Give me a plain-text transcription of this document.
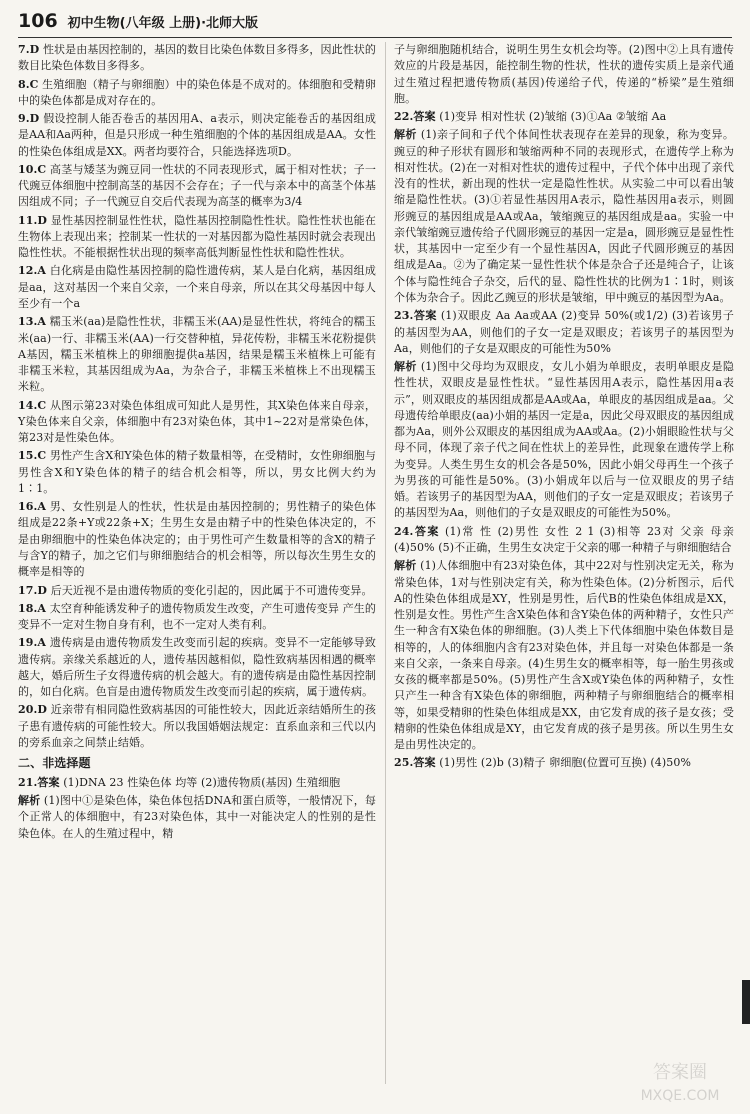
106 初中生物(八年级 上册)·北师大版

7.D 性状是由基因控制的，基因的数目比染色体数目多得多，因此性状的数目比染色体数目多得多。

8.C 生殖细胞（精子与卵细胞）中的染色体是不成对的。体细胞和受精卵中的染色体都是成对存在的。

9.D 假设控制人能否卷舌的基因用A、a表示，则决定能卷舌的基因组成是AA和Aa两种，但是只形成一种生殖细胞的个体的基因组成是AA。女性的性染色体组成是XX。两者均要符合，只能选择选项D。

10.C 高茎与矮茎为豌豆同一性状的不同表现形式，属于相对性状；子一代豌豆体细胞中控制高茎的基因不会存在；子一代与亲本中的高茎个体基因组成不同；子一代豌豆自交后代表现为高茎的概率为3/4

11.D 显性基因控制显性性状，隐性基因控制隐性性状。隐性性状也能在生物体上表现出来；控制某一性状的一对基因都为隐性基因时就会表现出隐性性状。不能根据性状出现的频率高低判断显性性状和隐性性状。

12.A 白化病是由隐性基因控制的隐性遗传病，某人是白化病，基因组成是aa，这对基因一个来自父亲，一个来自母亲，所以在其父母基因中每人至少有一个a

13.A 糯玉米(aa)是隐性性状，非糯玉米(AA)是显性性状，将纯合的糯玉米(aa)一行、非糯玉米(AA)一行交替种植，异花传粉，非糯玉米花粉提供A基因，糯玉米植株上的卵细胞提供a基因，结果是糯玉米植株上可能有非糯玉米粒，其基因组成为Aa，为杂合子，非糯玉米植株上不出现糯玉米粒。

14.C 从图示第23对染色体组成可知此人是男性，其X染色体来自母亲，Y染色体来自父亲，体细胞中有23对染色体，其中1~22对是常染色体，第23对是性染色体。

15.C 男性产生含X和Y染色体的精子数量相等，在受精时，女性卵细胞与男性含X和Y染色体的精子的结合机会相等，所以，男女比例大约为1∶1。

16.A 男、女性别是人的性状，性状是由基因控制的；男性精子的染色体组成是22条+Y或22条+X；生男生女是由精子中的性染色体决定的，不是由卵细胞中的性染色体决定的；由于男性可产生数量相等的含X的精子与含Y的精子，加之它们与卵细胞结合的机会相等，所以每次生男生女的概率是相等的

17.D 后天近视不是由遗传物质的变化引起的，因此属于不可遗传变异。

18.A 太空育种能诱发种子的遗传物质发生改变，产生可遗传变异 产生的变异不一定对生物自身有利，也不一定对人类有利。

19.A 遗传病是由遗传物质发生改变而引起的疾病。变异不一定能够导致遗传病。亲缘关系越近的人，遗传基因越相似，隐性致病基因相遇的概率越大，婚后所生子女得遗传病的机会越大。有的遗传病是由隐性基因控制的，如白化病。色盲是由遗传物质发生改变而引起的疾病，属于遗传病。

20.D 近亲带有相同隐性致病基因的可能性较大，因此近亲结婚所生的孩子患有遗传病的可能性较大。所以我国婚姻法规定：直系血亲和三代以内的旁系血亲之间禁止结婚。

二、非选择题

21.答案 (1)DNA 23 性染色体 均等 (2)遗传物质(基因) 生殖细胞

解析 (1)图中①是染色体，染色体包括DNA和蛋白质等，一般情况下，每个正常人的体细胞中，有23对染色体，其中一对能决定人的性别的是性染色体。在人的生殖过程中，精

子与卵细胞随机结合，说明生男生女机会均等。(2)图中②上具有遗传效应的片段是基因，能控制生物的性状，性状的遗传实质上是亲代通过生殖过程把遗传物质(基因)传递给子代，传递的“桥梁”是生殖细胞。

22.答案 (1)变异 相对性状 (2)皱缩 (3)①Aa ②皱缩 Aa

解析 (1)亲子间和子代个体间性状表现存在差异的现象，称为变异。豌豆的种子形状有圆形和皱缩两种不同的表现形式，在遗传学上称为相对性状。(2)在一对相对性状的遗传过程中，子代个体中出现了亲代没有的性状，新出现的性状一定是隐性性状。从实验二中可以看出皱缩是隐性性状。(3)①若显性基因用A表示，隐性基因用a表示，则圆形豌豆的基因组成是AA或Aa，皱缩豌豆的基因组成是aa。实验一中亲代皱缩豌豆遗传给子代圆形豌豆的基因一定是a，圆形豌豆是显性性状，其基因中一定至少有一个显性基因A，因此子代圆形豌豆的基因组成是Aa。②为了确定某一显性性状个体是杂合子还是纯合子，让该个体与隐性纯合子杂交，后代的显、隐性性状的比例为1∶1时，则该个体为杂合子。因此乙豌豆的形状是皱缩，甲中豌豆的基因型为Aa。

23.答案 (1)双眼皮 Aa Aa或AA (2)变异 50%(或1/2) (3)若该男子的基因型为AA，则他们的子女一定是双眼皮；若该男子的基因型为Aa，则他们的子女是双眼皮的可能性为50%

解析 (1)图中父母均为双眼皮，女儿小娟为单眼皮，表明单眼皮是隐性性状，双眼皮是显性性状。“显性基因用A表示，隐性基因用a表示”，则双眼皮的基因组成都是AA或Aa，单眼皮的基因组成是aa。父母遗传给单眼皮(aa)小娟的基因一定是a，因此父母双眼皮的基因组成都为Aa，则外公双眼皮的基因组成为AA或Aa。(2)小娟眼睑性状与父母不同，体现了亲子代之间在性状上的差异性，此现象在遗传学上称为变异。人类生男生女的机会各是50%，因此小娟父母再生一个孩子为男孩的可能性是50%。(3)小娟成年以后与一位双眼皮的男子结婚。若该男子的基因型为AA，则他们的子女一定是双眼皮；若该男子的基因型为Aa，则他们的子女是双眼皮的可能性为50%。

24.答案 (1)常 性 (2)男性 女性 2 1 (3)相等 23对 父亲 母亲 (4)50% (5)不正确，生男生女决定于父亲的哪一种精子与卵细胞结合

解析 (1)人体细胞中有23对染色体，其中22对与性别决定无关，称为常染色体，1对与性别决定有关，称为性染色体。(2)分析图示，后代A的性染色体组成是XY，性别是男性，后代B的性染色体组成是XX，性别是女性。男性产生含X染色体和含Y染色体的两种精子，女性只产生一种含有X染色体的卵细胞。(3)人类上下代体细胞中染色体数目是相等的，人的体细胞内含有23对染色体，并且每一对染色体都是一条来自父亲，一条来自母亲。(4)生男生女的概率相等，每一胎生男孩或女孩的概率都是50%。(5)男性产生含X或Y染色体的两种精子，女性只产生一种含有X染色体的卵细胞，两种精子与卵细胞结合的概率相等，如果受精卵的性染色体组成是XX，由它发育成的孩子是女孩；受精卵的性染色体组成是XY，由它发育成的孩子是男孩。所以生男生女是由男性决定的。

25.答案 (1)男性 (2)b (3)精子 卵细胞(位置可互换) (4)50%

答案圈
MXQE.COM
